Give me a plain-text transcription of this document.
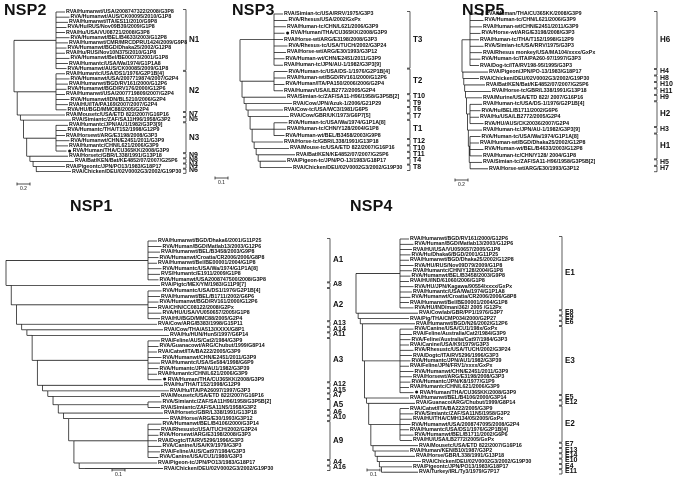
NSP2	RVA/Humanwt/USA/2008747322/2008/G3P8
RVA/Humanwt/AUS/CK00095/2010/G1P8
RVA/Humanwt/ITA/ES11/2010/G9P8
RVA/Hu/RUS/Nov09B39/2009/G1P8
RVA/Hu/USA/VU08721/2008/G3P8
RVA/Humanwt/BEL/B4633/2003/G12P8
RVA/Humanwt/CMR/MRCDPRU1424/2009/G9P8
RVA/Humanwt/BGD/Dhaka25/2002/G12P8
RVA/Hu/RUS/Nov10N375/2010/G1P8
RVA/Humanwt/Bel/BE00073/2001/G1P8
RVA/Humantc/USA/Wa/1974/G1P1A8
RVA/Humanwt/AUS/CK00085/2009/G1P8
RVA/Humantc/USA/DS1/1976/G2P1B[4]
RVA/Humanwt/USA/2007719874/2007/G2P4
RVA/Humanwt/BGD/RV161/2000/G12P6
RVA/Humanwt/BGD/RV176/2000/G12P6
RVA/Humanwt/USA/2007719809/2007/G2P4
RVA/Humanwt/IDN/BL5210/2006/G2P4
RVA/HU/ITA/PA169/2007/2007/G2P4
RVA/HU/BGD/MMC88/2005/G2P4
RVA/Mousetc/USA/ETD 822/2007/G16P16
RVA/Simiantc/ZAF/SA11H96/1958/G3P2
RVA/Humantc/JPN/AU1/1982/G3P3[9]
RVA/Humantc/THA/T152/1998/G12P9
RVA/Horsewt/ARG/E3198/2008/G3P3
RVA/Humanwt/CHN/E2451/2011/G3P9
RVA/Humantc/CHN/L621/2006/G3P9
● RVA/Human/THA/CU365KK/2008/G3P9
RVA/Horsetc/GBR/L338/1991/G13P18
RVA/Bat/KEN/Bat/KE4852/07/2007/G25P6
RVA/Pigeontc/JPN/PO13/1983/G18P17
RVA/Chicken/DEU/02V0002G3/2002/G19P30
N1
N2
N7
N5
N3
N9
N8
N4
N6
0.2
NSP3 RVA/Simian-tc/USA/RRV/1975/G3P3
RVA/Rhesus/USA/2002/GxPx
RVA/Human-tc/CHN/L621/2006/G3P9
● RVA/Human/THA/CU365KK/2008/G3P9
RVA/Horse-wt/ARG/E3198/2008/G3P3
RVA/Rhesus-tc/USA/TUCH/2002/G3P24
RVA/Horse-wt/ARG/E30/1993/G3P12
RVA/Human-wt/CHN/E2451/2011/G3P9
RVA/Human-tc/JPN/AU-1/1982/G3P3[9]
RVA/Human-tc/USA/DS-1/1976/G2P1B[4]
RVA/Human-wt/BGD/RV161/2000/G12P6
RVA/Human/ITA/PA150/2006/2006/G2P4
RVA/Human/USA/LB2772/2005/G2P4
RVA/Simian-tc/ZAF/SA11-H96/1958/G3P5B[2]
RVA/Cow/JPN/Azuk-1/2006/G21P29
RVA/Cow-tc/USA/WC3/1981/G6P5
RVA/Cow/GBR/UK/1973/G6P7[5]
RVA/Human-tc/USA/Wa/1974/G1P1A[8]
RVA/Human-tc/CHN/Y128/2004/G1P8
RVA/Human-wt/BEL/B3458/2003/G9P8
RVA/Horse-tc/GBR/L338/1991/G13P18
RVA/Mouse-tc/USA/ETD 822/2007/G16P16
RVA/Bat/KEN/KE4852/07/2007/G25P6
RVA/Pigeon-tc/JPN/PO-13/1983/G18P17
RVA/Chicken/DEU/02V0002G3/2002/G19P30
T3
T2
T10
T9
T6
T7
T1
T12
T10
T11
T4
T8
0.1
NSP5
● RVA/Human/THA/CU365KK/2008/G3P9
RVA/Human-tc/CHN/L621/2006/G3P9
RVA/Human-wt/CHN/E2451/2011/G3P9
RVA/Horse-wt/ARG/E3198/2008/G3P3
RVA/Human-tc/THA/T152/1998/G12P9
RVA/Simian-tc/USA/RRV/1975/G3P3
RVA/Rhesus monkey/USA/MA104/xxxx/GxPx
RVA/Human-tc/ITA/PA260-97/1997/G3P3
RVA/Dog-tc/ITA/RV198-95/1995/G3P3
RVA/Pigeon/JPN/PO-13/1983/G18P17
RVA/Chicken/DEU/02V0002G3/2002/G19P30
RVA/Bat/KEN/Bat/KE4852/07/2007/G25P6
RVA/Horse-tc/GBR/L338/1991/G13P18
RVA/Murine/USA/ETD 822/ 2007/G16P16
RVA/Human-tc/USA/DS-1/1976/G2P1B[4]
RVA/Hu/BEL/B1711/2002/G6P6
RVA/Hu/USA/LB2772/2005/G2P4
RVA/HU/AUS/CK20036/2007/G2P4
RVA/Human-tc/JPN/AU-1/1982/G3P3[9]
RVA/Human-tc/USA/Wa/1974/G1P1A[8]
RVA/Human-wt/BGD/Dhaka25/2002/G12P8
RVA/Human-wt/BEL/B4633/2003/G12P8
RVA/Human-tc/CHN/Y128/ 2004/G1P8
RVA/Simian-tc/ZAF/SA11-H96/1958/G3P5B[2]
RVA/Horse-wt/ARG/E30/1993/G3P12
H6
H4
H8
H10
H11
H9
H2
H3
H1
H5
H7
0.2
NSP1
RVA/Humanwt/BGD/Dhaka6/2001/G11P25
RVA/Human/BGD/Matlab13/2003/G12P6
RVA/Humanwt/BEL/B3458/2003/G9P8
RVA/Humanwt/Croatia/CR2006/2006/G8P8
RVA/Humanwt/Bel/BE00001/2004/G1P8
RVA/Humantc/USA/Wa/1974/G1P1A[8]
RVS/Humantc/E1911/2009/G1P8
RVA/Humanwt/USA2008747500/2008/G3P8
RVA/Pigtc/MEX/YM/1983/G11P9[7]
RVA/Humantc/USA/DS1/1976/G2P1B[4]
RVA/Humanwt/BEL/B1711/2002/G6P6
RVA/Humanwt/BGD/RV161/2000/G12P6
RVA/CHN/CC08122/2008/G2Px
RVA/HU/USA/VU050657/2005/G1P8
RVA/HU/BGD/MMC88/2005/G2P4
RVA/Cow/ARG/B383/1998/G15P11
RVA/Cow/THA/A513/XXXX/G8P1
RVA/Hu/HUN/Hun5/1997/G6P14
RVA/Feline/AUS/Cat2/1984/G3P9
RVA/Guanacowt/ARG/Chubut/1999/G8P14
RVA/Catwt/ITA/BA222/2005/G3P9
RVA/Humanwt/CHN/E2451/2011/G3P9
RVA/Humantc/USA/Se584/1998/G6P9
RVA/Humantc/JPN/AU1/1982/G3P39
RVA/Humantc/CHN/L621/2006/G3P9
● RVA/Human/THA/CU365KK/2008/G3P9
RVA/Hu/THA/T152/1998/G12P9
RVA/Hu/ITA/PA26097/1997/G3P3
RVA/Mousetc/USA/ETD 822/2007/G16P16
RVA/Simiantc/ZAF/SA11H96/1958/G3P5B[2]
RVA/Simiantc/ZAF/SA11N5/1958/G3P2
RVA/Horsetc/GBR/L338/1991/G13P18
RVA/Horse/ARG/E30/1993/G3P12
RVA/Humanwt/BEL/B4106/2000/G3P14
RVA/Rhesustc/USA/TUCH/2002/G3P24
RVA/Horsewt/ARG/E3198/2008/G3P3
RVA/Dogtc/ITA/RV5296/1996/G3P3
RVA/Canine/USA/K9/1979/G3P3
RVA/Feline/AUS/Cat97/1984/G3P3
RVA/Canine/USA/CU1/1980/G3P3
RVA/Pigeon-tc/JPN/PO13/1983/G18P17
RVA/Chicken/DEU/02V0002G3/2002/G19P30
A1
A8
A2
A13
A14
A11
A3
A12
A15
A7
A5
A6
A10
A9
A4
A16
0.1
NSP4
RVA/Humanwt/BGD/RV161/2000/G12P6
RVA/Human/BGD/Matlab13/2003/G12P6
RVA/HU/USA/VU050657/2005/G1P8
RVA/Hu/Dhaka6/BGD/2001/G11P25
RVA/Humanwt/BGD/Dhaka25/2002/G12P8
RVA/HU/RUS/Nov09D79/2009/G1P8
RVA/Humantc/CHN/Y128/2004/G1P8
RVA/Humanwt/BEL/B3458/2003/G9P8
RVA/HU/IND/61060/2006/G1P8
RVA/HU/JPN/Kagawa/90554/xxxx/GxPx
RVA/Humantc/USA/Wa/1974/G1P1A8
RVA/Humanwt/Croatia/CR2006/2006/G8P8
RVA/Humanwt/Bel/BE00001/2004/G1P8
RVA/HU/IND/mani362/ 2005 /G12Px
RVA/Cowlab/GBR/PP1/1976/G3P7
RVA/Pig/THA/CMP034/2000/G2P27
RVA/Humanwt/BGD/N26/2002/G12P6
RVA/Canine/USA/CU1/198x/GxPx
RVA/Feline/Australia/Cat2/1984/G3P9
RVA/Feline/Australia/Cat97/1984/G3P3
RVA/Canine/USA/K9/1979/G3P3
RVA/Rhesustc/USA/TUCH/2002/G3P24
RVA/Dogtc/ITA/RV5296/1996/G3P3
RVA/Humantc/JPN/AU1/1982/G3P39
RVA/Feline/JPN/FRV1/xxxx/GxPx
RVA/Humanwt/CHN/E2451/2011/G3P9
RVA/Horsewt/ARG/E3198/2008/G3P3
RVA/Humantc/JPN/K8/1977/G1P9
RVA/Humantc/CHN/L621/2006/G3P9
● RVA/Human/THA/CU365KK/2008/G3P9
RVA/Humanwt/BEL/B4106/2000/G3P14
RVA/Guanaco/ARG/Chubut/1999/G8P14
RVA/Catwt/ITA/BA222/2005/G3P9
RVA/Simiantc/ZAF/SA11N5/1958/G3P2
RVA/HU/THA/CMH134/05/2005/GxPx
RVA/Humanwt/USA/2008747095/2008/G2P4
RVA/Humantc/USA/DS1/1976/G2P1B[4]
RVA/Humanwt/BEL/B1711/2002/G6P6
RVA/HU/USA/LB2772/2005/GxPx
RVA/Mousetc/USA/ETD 822/2007/G16P16
RVA/Human/KEN/B10/1987/G3P2
RVA/Horse/GBR/L338/1991/G13P18
RVA/Chicken/DEU/02V0002G3/2002/G19P30
RVA/Pigeontc/JPN/PO13/1983/G18P17
RVA/Turkey/IRL/Ty3/1979/G7P17
E1
E8
E9
E6
E3
E5
E12
E2
E7
E13
E14
E10
E4
E11
0.1
